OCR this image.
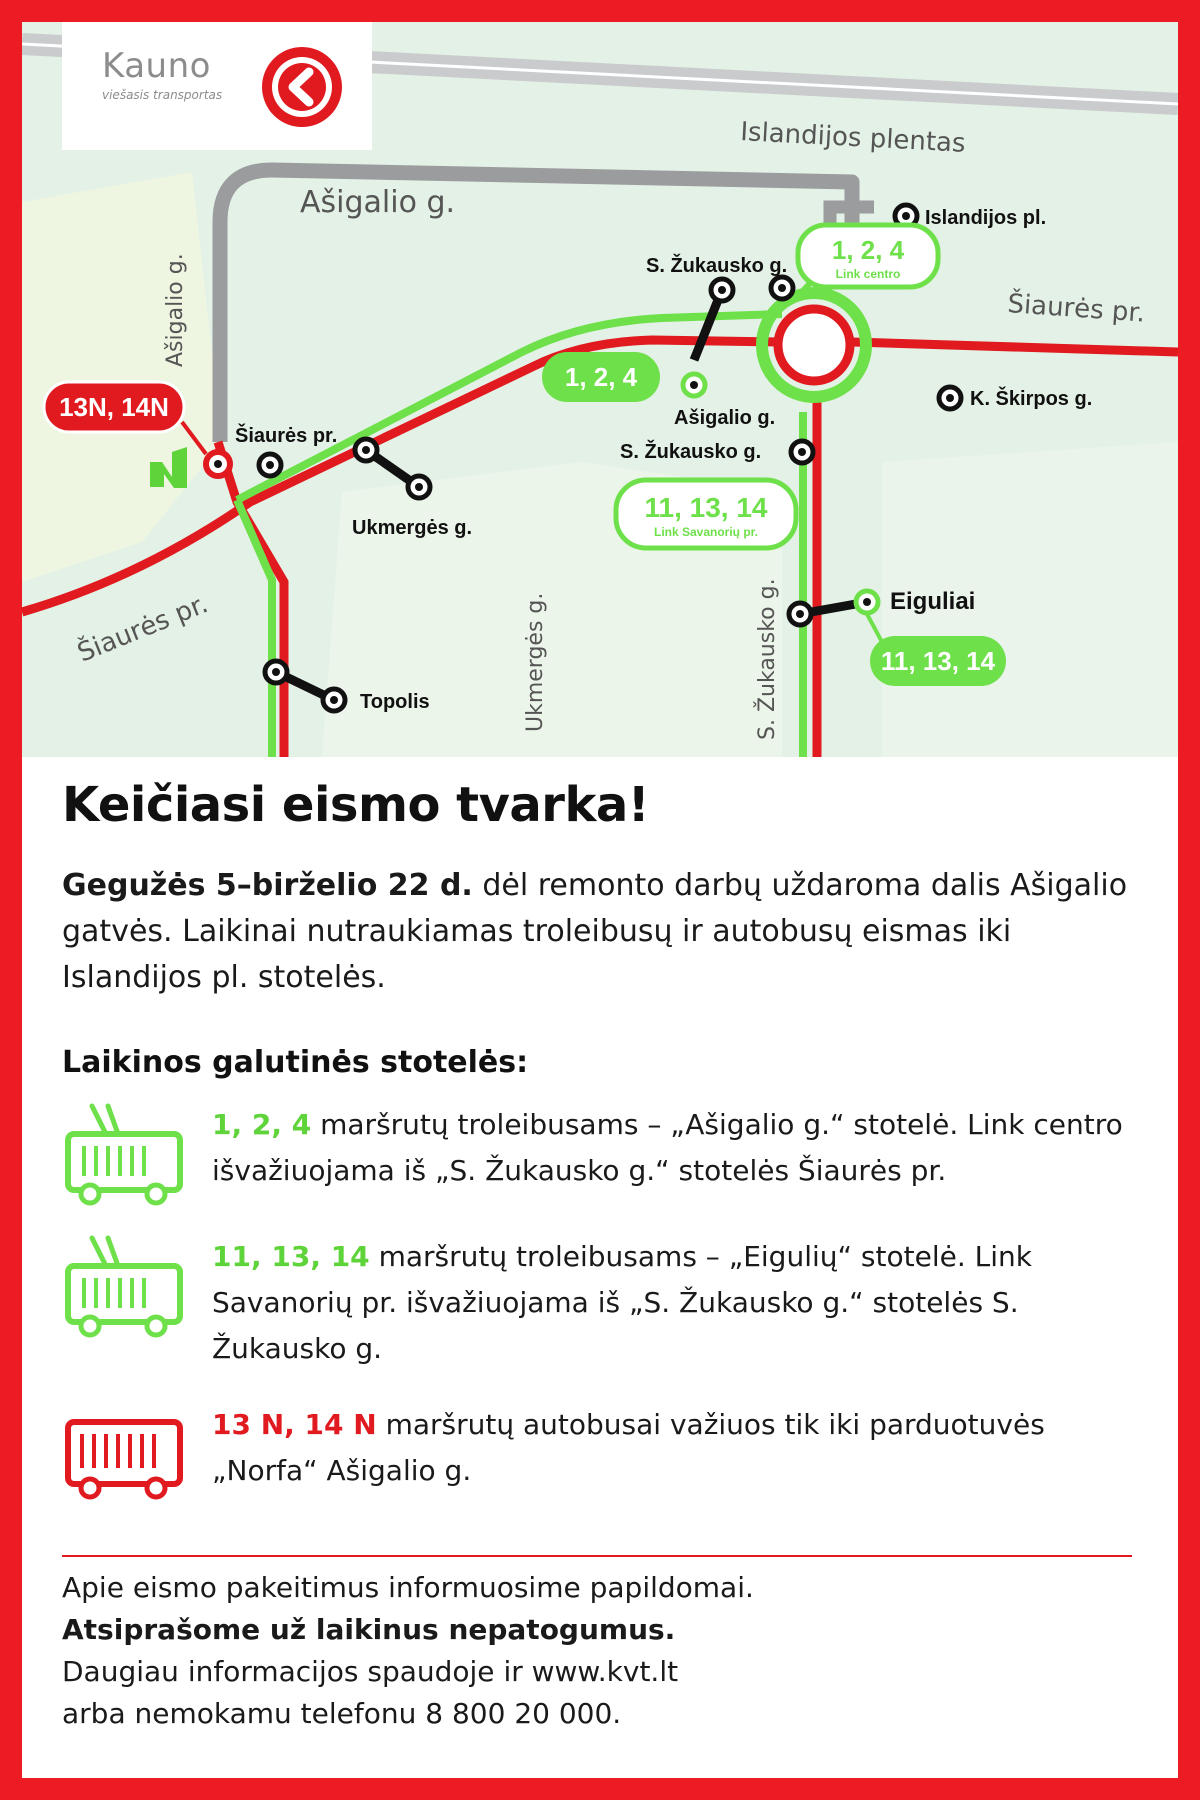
Islandijos plentas
Ašigalio g.
Ašigalio g.	Šiaurės pr.
Šiaurės pr.	Ukmergės g.	S. Žukausko g.
Islandijos pl.
S. Žukausko g.
K. Škirpos g.
Ašigalio g.
S. Žukausko g.
Šiaurės pr.
Ukmergės g.
Eiguliai
Topolis
1, 2, 4
Link centro
1, 2, 4
11, 13, 14
Link Savanorių pr.
11, 13, 14
13N, 14N
Kauno
viešasis transportas
Keičiasi eismo tvarka!

Gegužės 5–birželio 22 d. dėl remonto darbų uždaroma dalis Ašigalio gatvės. Laikinai nutraukiamas troleibusų ir autobusų eismas iki Islandijos pl. stotelės.

Laikinos galutinės stotelės:
1, 2, 4 maršrutų troleibusams – „Ašigalio g.“ stotelė. Link centro išvažiuojama iš „S. Žukausko g.“ stotelės Šiaurės pr.
11, 13, 14 maršrutų troleibusams – „Eigulių“ stotelė. Link Savanorių pr. išvažiuojama iš „S. Žukausko g.“ stotelės S. Žukausko g.
13 N, 14 N maršrutų autobusai važiuos tik iki parduotuvės „Norfa“ Ašigalio g.
Apie eismo pakeitimus informuosime papildomai.
Atsiprašome už laikinus nepatogumus.
Daugiau informacijos spaudoje ir www.kvt.lt
arba nemokamu telefonu 8 800 20 000.
